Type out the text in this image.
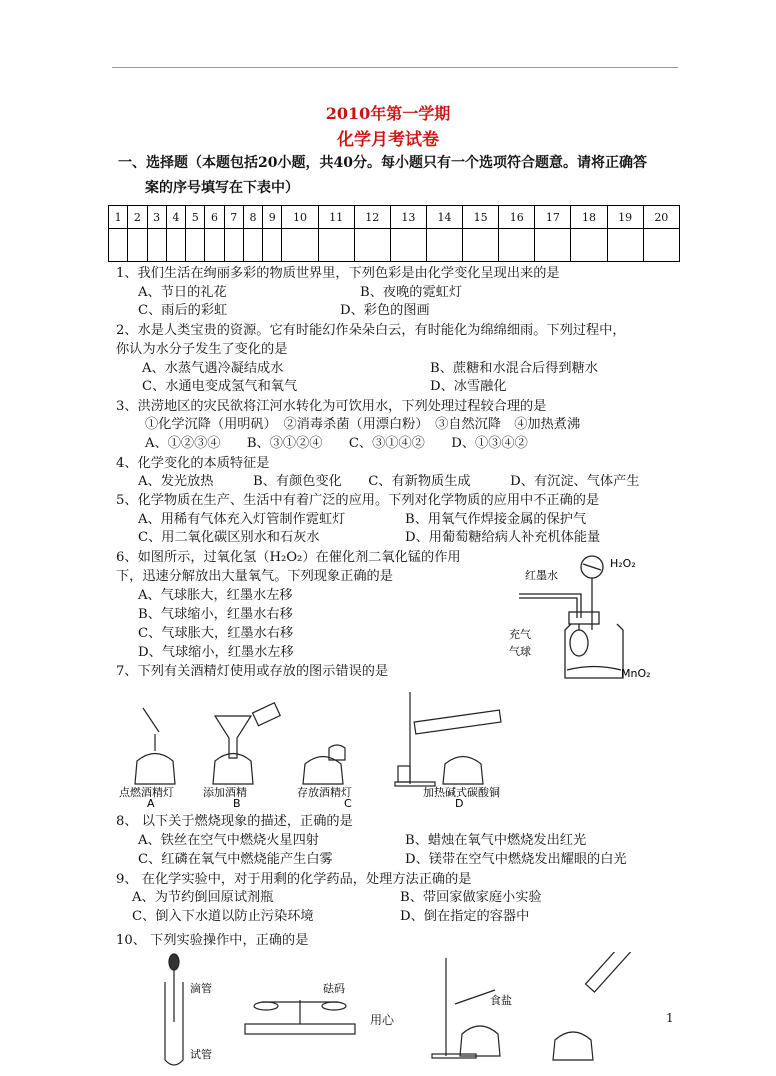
2010年第一学期
化学月考试卷
一、选择题（本题包括20小题，共40分。每小题只有一个选项符合题意。请将正确答
案的序号填写在下表中）
1	2	3	4	5	6	7	8	9	10	11	12	13	14	15	16	17	18	19	20

1、我们生活在绚丽多彩的物质世界里，下列色彩是由化学变化呈现出来的是
A、节日的礼花	B、夜晚的霓虹灯
C、雨后的彩虹	D、彩色的图画
2、水是人类宝贵的资源。它有时能幻作朵朵白云，有时能化为绵绵细雨。下列过程中，
你认为水分子发生了变化的是
A、水蒸气遇冷凝结成水	B、蔗糖和水混合后得到糖水
C、水通电变成氢气和氧气	D、冰雪融化
3、洪涝地区的灾民欲将江河水转化为可饮用水，下列处理过程较合理的是
①化学沉降（用明矾）　②消毒杀菌（用漂白粉）　③自然沉降　④加热煮沸
A、①②③④　　B、③①②④　　C、③①④②　　D、①③④②
4、化学变化的本质特征是
A、发光放热　　　B、有颜色变化　　C、有新物质生成　　　D、有沉淀、气体产生
5、化学物质在生产、生活中有着广泛的应用。下列对化学物质的应用中不正确的是
A、用稀有气体充入灯管制作霓虹灯	B、用氧气作焊接金属的保护气
C、用二氧化碳区别水和石灰水	D、用葡萄糖给病人补充机体能量
6、如图所示，过氧化氢（H₂O₂）在催化剂二氧化锰的作用
下，迅速分解放出大量氧气。下列现象正确的是
A、气球胀大，红墨水左移
B、气球缩小，红墨水右移
C、气球胀大，红墨水右移
D、气球缩小，红墨水左移
红墨水
H₂O₂
充气
气球
MnO₂
7、下列有关酒精灯使用或存放的图示错误的是
点燃酒精灯	添加酒精	存放酒精灯	加热碱式碳酸铜
A	B	C	D
8、 以下关于燃烧现象的描述，正确的是
A、铁丝在空气中燃烧火星四射	B、蜡烛在氧气中燃烧发出红光
C、红磷在氧气中燃烧能产生白雾	D、镁带在空气中燃烧发出耀眼的白光
9、 在化学实验中，对于用剩的化学药品，处理方法正确的是
A、为节约倒回原试剂瓶	B、带回家做家庭小实验
C、倒入下水道以防止污染环境	D、倒在指定的容器中
10、 下列实验操作中，正确的是
滴管
试管
砝码
食盐
用心	1
